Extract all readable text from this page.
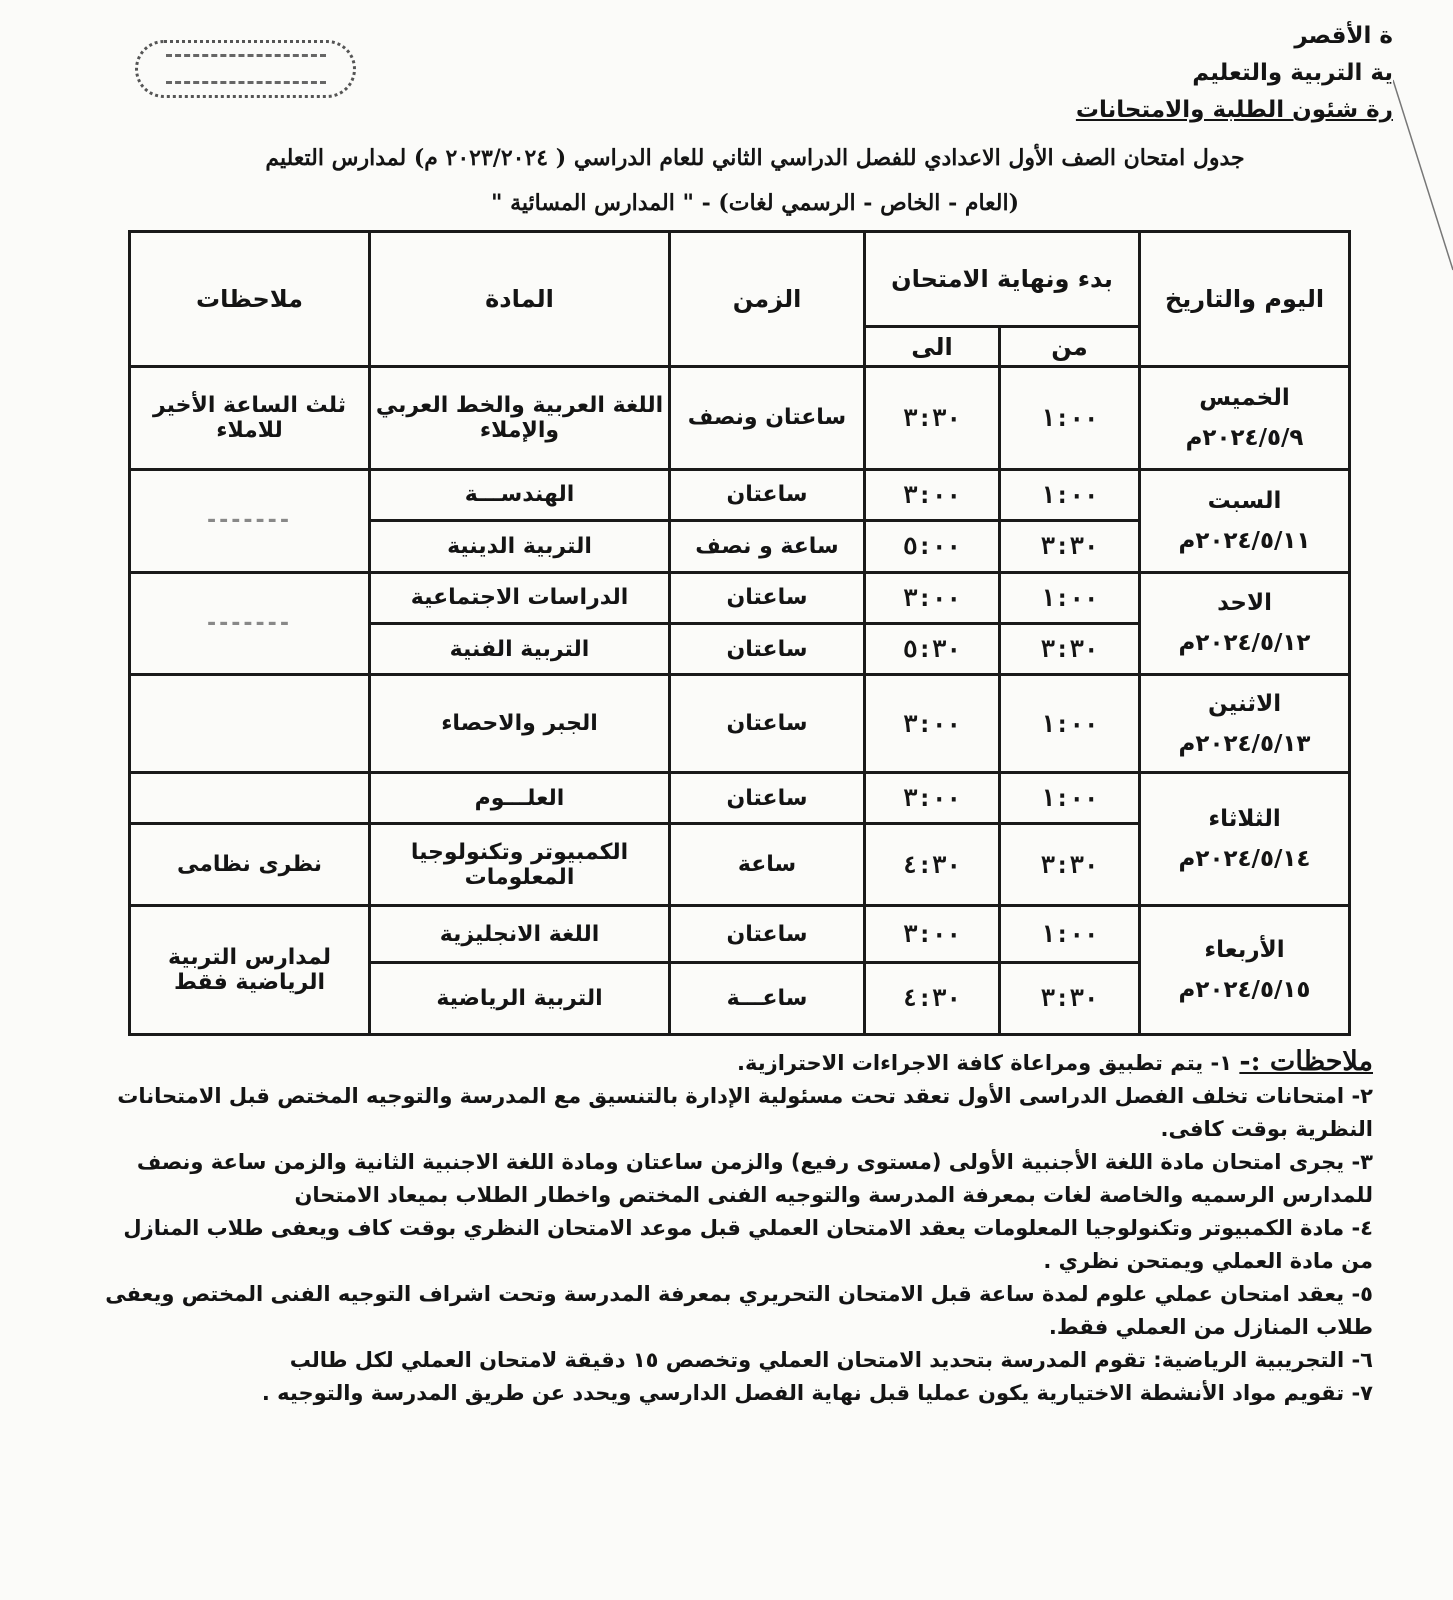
ة الأقصر
ية التربية والتعليم
رة شئون الطلبة والامتحانات
جدول امتحان الصف الأول الاعدادي للفصل الدراسي الثاني للعام الدراسي ( ٢٠٢٣/٢٠٢٤ م) لمدارس التعليم
(العام - الخاص - الرسمي لغات) - " المدارس المسائية "
اليوم والتاريخ	بدء ونهاية الامتحان		الزمن	المادة	ملاحظات
	من	الى			

الخميس
٢٠٢٤/٥/٩م	١:٠٠	٣:٣٠	ساعتان ونصف	اللغة العربية والخط العربي والإملاء	ثلث الساعة الأخير للاملاء

السبت
٢٠٢٤/٥/١١م	١:٠٠	٣:٠٠	ساعتان	الهندســـة	-------
	٣:٣٠	٥:٠٠	ساعة و نصف	التربية الدينية	

الاحد
٢٠٢٤/٥/١٢م	١:٠٠	٣:٠٠	ساعتان	الدراسات الاجتماعية	-------
	٣:٣٠	٥:٣٠	ساعتان	التربية الفنية	

الاثنين
٢٠٢٤/٥/١٣م	١:٠٠	٣:٠٠	ساعتان	الجبر والاحصاء	

الثلاثاء
٢٠٢٤/٥/١٤م	١:٠٠	٣:٠٠	ساعتان	العلـــوم	
	٣:٣٠	٤:٣٠	ساعة	الكمبيوتر وتكنولوجيا المعلومات	نظرى نظامى

الأربعاء
٢٠٢٤/٥/١٥م	١:٠٠	٣:٠٠	ساعتان	اللغة الانجليزية	لمدارس التربية الرياضية فقط
	٣:٣٠	٤:٣٠	ساعـــة	التربية الرياضية	

ملاحظات :- ١- يتم تطبيق ومراعاة كافة الاجراءات الاحترازية.

٢- امتحانات تخلف الفصل الدراسى الأول تعقد تحت مسئولية الإدارة بالتنسيق مع المدرسة والتوجيه المختص قبل الامتحانات النظرية بوقت كافى.

٣- يجرى امتحان مادة اللغة الأجنبية الأولى (مستوى رفيع) والزمن ساعتان ومادة اللغة الاجنبية الثانية والزمن ساعة ونصف للمدارس الرسميه والخاصة لغات بمعرفة المدرسة والتوجيه الفنى المختص واخطار الطلاب بميعاد الامتحان

٤- مادة الكمبيوتر وتكنولوجيا المعلومات يعقد الامتحان العملي قبل موعد الامتحان النظري بوقت كاف ويعفى طلاب المنازل من مادة العملي ويمتحن نظري .

٥- يعقد امتحان عملي علوم لمدة ساعة قبل الامتحان التحريري بمعرفة المدرسة وتحت اشراف التوجيه الفنى المختص ويعفى طلاب المنازل من العملي فقط.

٦- التجريبية الرياضية: تقوم المدرسة بتحديد الامتحان العملي وتخصص ١٥ دقيقة لامتحان العملي لكل طالب

٧- تقويم مواد الأنشطة الاختيارية يكون عمليا قبل نهاية الفصل الدارسي ويحدد عن طريق المدرسة والتوجيه .
